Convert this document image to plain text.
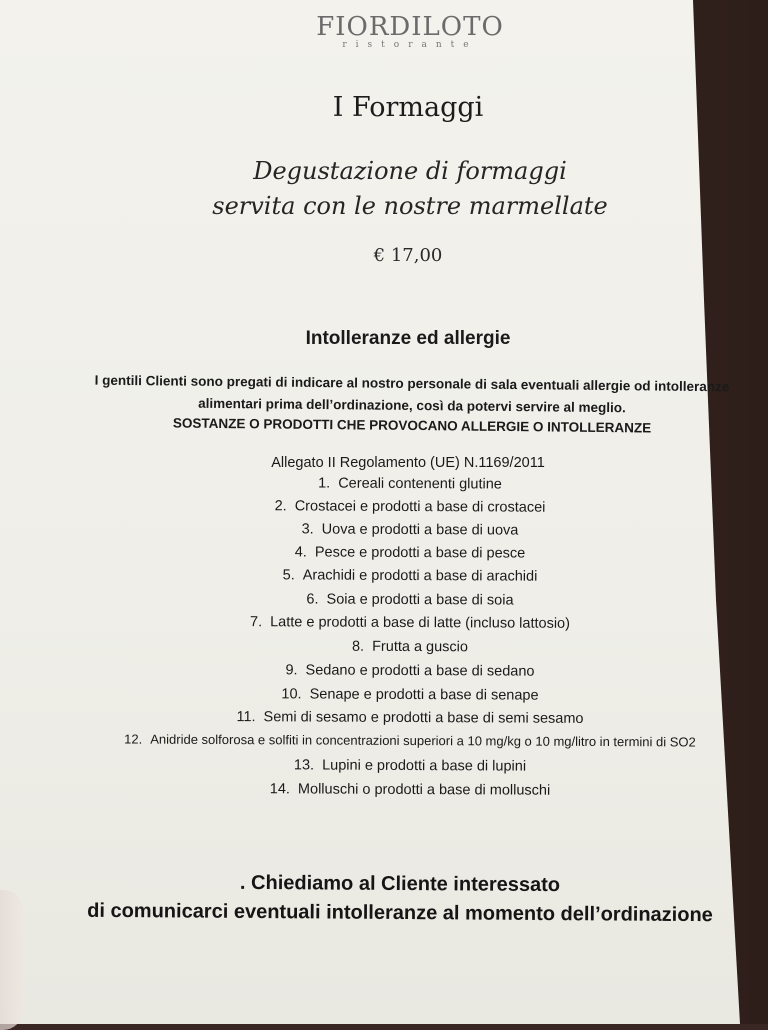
FIORDILOTO
ristorante
I Formaggi
Degustazione di formaggi
servita con le nostre marmellate
€ 17,00
Intolleranze ed allergie
I gentili Clienti sono pregati di indicare al nostro personale di sala eventuali allergie od intolleranze
alimentari prima dell’ordinazione, così da potervi servire al meglio.
SOSTANZE O PRODOTTI CHE PROVOCANO ALLERGIE O INTOLLERANZE
Allegato II Regolamento (UE) N.1169/2011
1. Cereali contenenti glutine
2. Crostacei e prodotti a base di crostacei
3. Uova e prodotti a base di uova
4. Pesce e prodotti a base di pesce
5. Arachidi e prodotti a base di arachidi
6. Soia e prodotti a base di soia
7. Latte e prodotti a base di latte (incluso lattosio)
8. Frutta a guscio
9. Sedano e prodotti a base di sedano
10. Senape e prodotti a base di senape
11. Semi di sesamo e prodotti a base di semi sesamo
12. Anidride solforosa e solfiti in concentrazioni superiori a 10 mg/kg o 10 mg/litro in termini di SO2
13. Lupini e prodotti a base di lupini
14. Molluschi o prodotti a base di molluschi
. Chiediamo al Cliente interessato
di comunicarci eventuali intolleranze al momento dell’ordinazione
